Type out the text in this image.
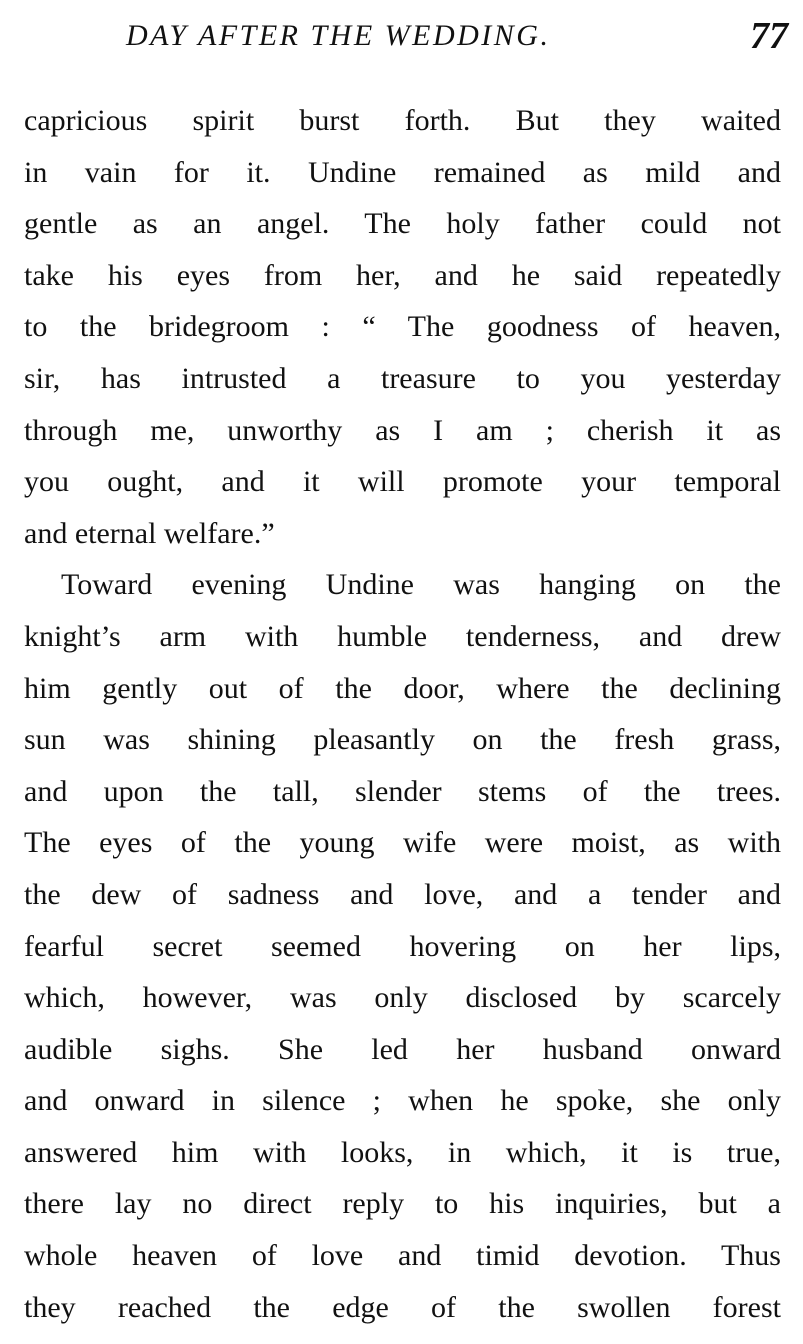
DAY AFTER THE WEDDING.	77
capricious spirit burst forth. But they waited
in vain for it. Undine remained as mild and
gentle as an angel. The holy father could not
take his eyes from her, and he said repeatedly
to the bridegroom : “ The goodness of heaven,
sir, has intrusted a treasure to you yesterday
through me, unworthy as I am ; cherish it as
you ought, and it will promote your temporal
and eternal welfare.”
Toward evening Undine was hanging on the
knight’s arm with humble tenderness, and drew
him gently out of the door, where the declining
sun was shining pleasantly on the fresh grass,
and upon the tall, slender stems of the trees.
The eyes of the young wife were moist, as with
the dew of sadness and love, and a tender and
fearful secret seemed hovering on her lips,
which, however, was only disclosed by scarcely
audible sighs. She led her husband onward
and onward in silence ; when he spoke, she only
answered him with looks, in which, it is true,
there lay no direct reply to his inquiries, but a
whole heaven of love and timid devotion. Thus
they reached the edge of the swollen forest
